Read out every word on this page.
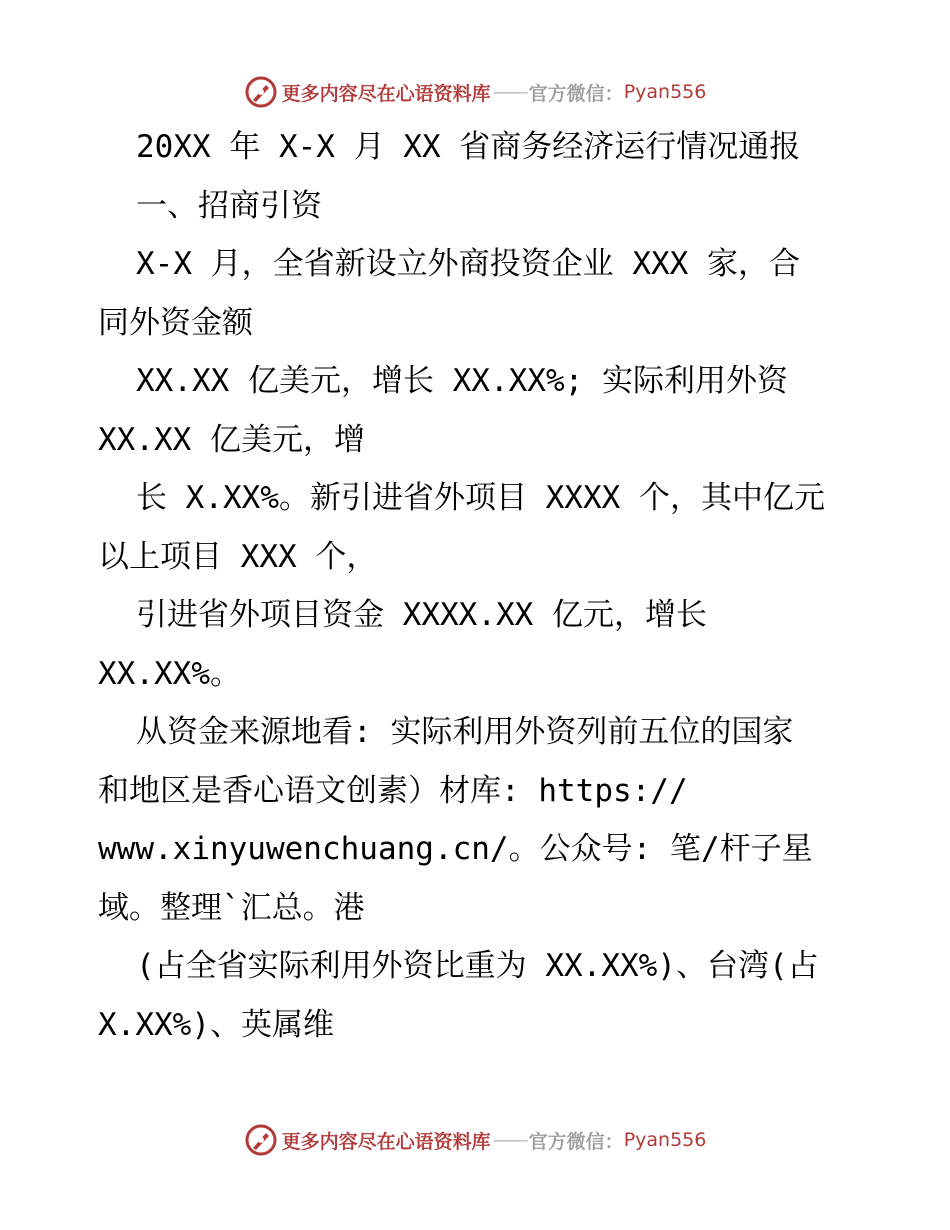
更多内容尽在心语资料库 —— 官方微信： Pyan556
20XX 年 X-X 月 XX 省商务经济运行情况通报
一、招商引资
X-X 月，全省新设立外商投资企业 XXX 家，合
同外资金额
XX.XX 亿美元，增长 XX.XX%; 实际利用外资
XX.XX 亿美元，增
长 X.XX%。新引进省外项目 XXXX 个，其中亿元
以上项目 XXX 个，
引进省外项目资金 XXXX.XX 亿元，增长
XX.XX%。
从资金来源地看: 实际利用外资列前五位的国家
和地区是香心语文创素）材库: https://
www.xinyuwenchuang.cn/。公众号: 笔/杆子星
域。整理`汇总。港
(占全省实际利用外资比重为 XX.XX%)、台湾(占
X.XX%)、英属维
更多内容尽在心语资料库 —— 官方微信： Pyan556
